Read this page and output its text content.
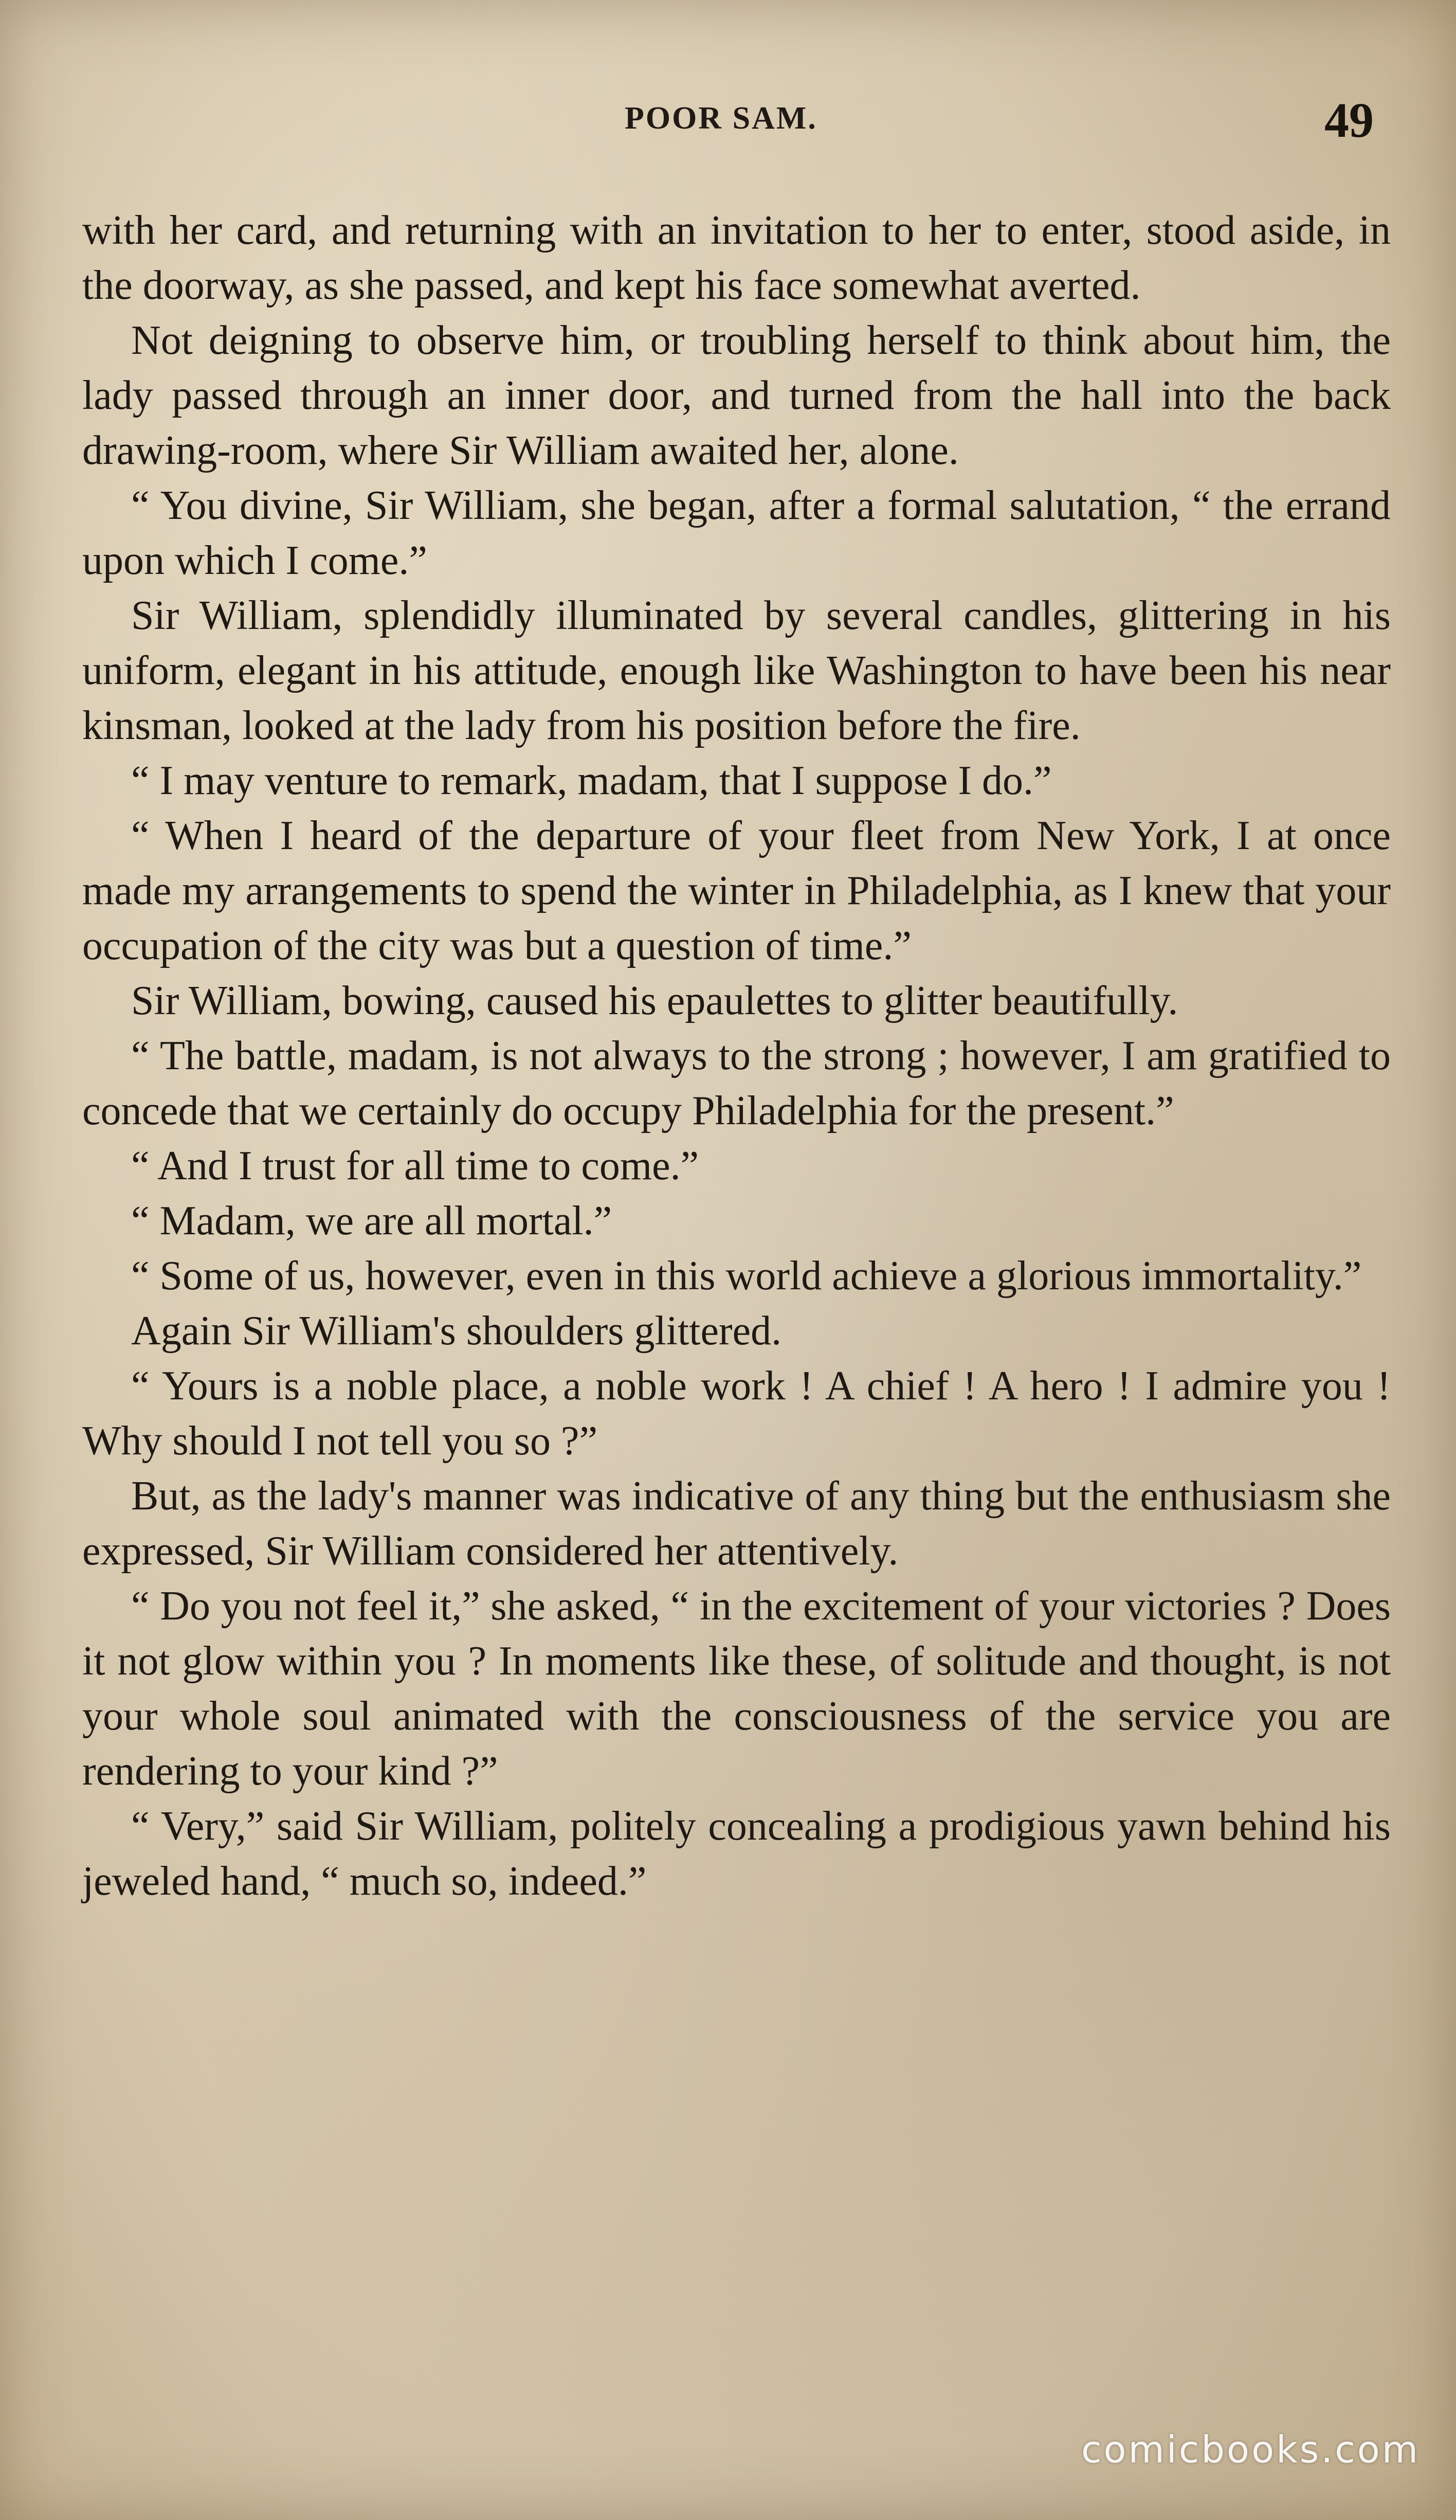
POOR SAM.	49

with her card, and returning with an invitation to her to enter, stood aside, in the doorway, as she passed, and kept his face somewhat averted.

Not deigning to observe him, or troubling herself to think about him, the lady passed through an inner door, and turned from the hall into the back drawing-room, where Sir William awaited her, alone.

“ You divine, Sir William, she began, after a formal salutation, “ the errand upon which I come.”

Sir William, splendidly illuminated by several candles, glittering in his uniform, elegant in his attitude, enough like Washington to have been his near kinsman, looked at the lady from his position before the fire.

“ I may venture to remark, madam, that I suppose I do.”

“ When I heard of the departure of your fleet from New York, I at once made my arrangements to spend the winter in Philadelphia, as I knew that your occupation of the city was but a question of time.”

Sir William, bowing, caused his epaulettes to glitter beautifully.

“ The battle, madam, is not always to the strong ; however, I am gratified to concede that we certainly do occupy Philadelphia for the present.”

“ And I trust for all time to come.”

“ Madam, we are all mortal.”

“ Some of us, however, even in this world achieve a glorious immortality.”

Again Sir William's shoulders glittered.

“ Yours is a noble place, a noble work ! A chief ! A hero ! I admire you ! Why should I not tell you so ?”

But, as the lady's manner was indicative of any thing but the enthusiasm she expressed, Sir William considered her attentively.

“ Do you not feel it,” she asked, “ in the excitement of your victories ? Does it not glow within you ? In moments like these, of solitude and thought, is not your whole soul animated with the consciousness of the service you are rendering to your kind ?”

“ Very,” said Sir William, politely concealing a prodigious yawn behind his jeweled hand, “ much so, indeed.”

comicbooks.com
